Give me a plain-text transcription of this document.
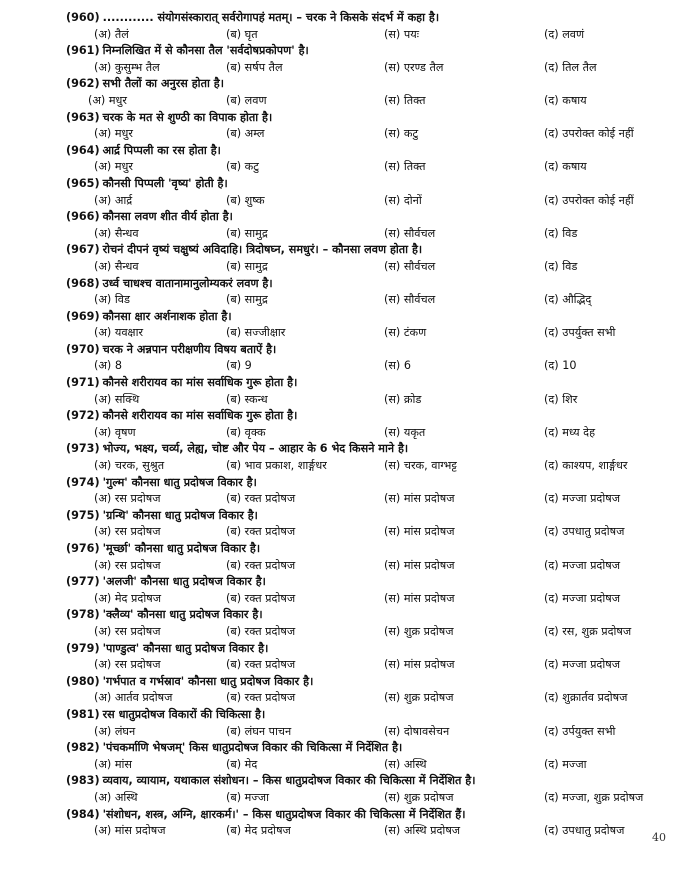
(960) ............ संयोगसंस्कारात् सर्वरोगापहं मतम्। – चरक ने किसके संदर्भ में कहा है।
(अ) तैलं	(ब) घृत	(स) पयः	(द) लवणं
(961) निम्नलिखित में से कौनसा तैल 'सर्वदोषप्रकोपण' है।
(अ) कुसुम्भ तैल	(ब) सर्षप तैल	(स) एरण्ड तैल	(द) तिल तैल
(962) सभी तैलों का अनुरस होता है।
(अ) मधुर	(ब) लवण	(स) तिक्त	(द) कषाय
(963) चरक के मत से शुण्ठी का विपाक होता है।
(अ) मधुर	(ब) अम्ल	(स) कटु	(द) उपरोक्त कोई नहीं
(964) आर्द्र पिप्पली का रस होता है।
(अ) मधुर	(ब) कटु	(स) तिक्त	(द) कषाय
(965) कौनसी पिप्पली 'वृष्य' होती है।
(अ) आर्द्र	(ब) शुष्क	(स) दोनों	(द) उपरोक्त कोई नहीं
(966) कौनसा लवण शीत वीर्य होता है।
(अ) सैन्धव	(ब) सामुद्र	(स) सौर्वचल	(द) विड
(967) रोचनं दीपनं वृष्यं चक्षुष्यं अविदाहि। त्रिदोषघ्न, समधुरं। – कौनसा लवण होता है।
(अ) सैन्धव	(ब) सामुद्र	(स) सौर्वचल	(द) विड
(968) उर्ध्व चाधश्च वातानामानुलोम्यकरं लवण है।
(अ) विड	(ब) सामुद्र	(स) सौर्वचल	(द) औद्भिद्
(969) कौनसा क्षार अर्शनाशक होता है।
(अ) यवक्षार	(ब) सज्जीक्षार	(स) टंकण	(द) उपर्युक्त सभी
(970) चरक ने अन्नपान परीक्षणीय विषय बताऐं है।
(अ) 8	(ब) 9	(स) 6	(द) 10
(971) कौनसे शरीरायव का मांस सर्वाधिक गुरू होता है।
(अ) सक्थि	(ब) स्कन्ध	(स) क्रोड	(द) शिर
(972) कौनसे शरीरायव का मांस सर्वाधिक गुरू होता है।
(अ) वृषण	(ब) वृक्क	(स) यकृत	(द) मध्य देह
(973) भोज्य, भक्ष्य, चर्व्य, लेह्य, चोष्ट और पेय – आहार के 6 भेद किसने माने है।
(अ) चरक, सुश्रुत	(ब) भाव प्रकाश, शार्ङ्गधर	(स) चरक, वाग्भट्ट	(द) काश्यप, शार्ङ्गधर
(974) 'गुल्म' कौनसा धातु प्रदोषज विकार है।
(अ) रस प्रदोषज	(ब) रक्त प्रदोषज	(स) मांस प्रदोषज	(द) मज्जा प्रदोषज
(975) 'ग्रन्थि' कौनसा धातु प्रदोषज विकार है।
(अ) रस प्रदोषज	(ब) रक्त प्रदोषज	(स) मांस प्रदोषज	(द) उपधातु प्रदोषज
(976) 'मूर्च्छा' कौनसा धातु प्रदोषज विकार है।
(अ) रस प्रदोषज	(ब) रक्त प्रदोषज	(स) मांस प्रदोषज	(द) मज्जा प्रदोषज
(977) 'अलजी' कौनसा धातु प्रदोषज विकार है।
(अ) मेद प्रदोषज	(ब) रक्त प्रदोषज	(स) मांस प्रदोषज	(द) मज्जा प्रदोषज
(978) 'क्लैव्य' कौनसा धातु प्रदोषज विकार है।
(अ) रस प्रदोषज	(ब) रक्त प्रदोषज	(स) शुक्र प्रदोषज	(द) रस, शुक्र प्रदोषज
(979) 'पाण्डुत्व' कौनसा धातु प्रदोषज विकार है।
(अ) रस प्रदोषज	(ब) रक्त प्रदोषज	(स) मांस प्रदोषज	(द) मज्जा प्रदोषज
(980) 'गर्भपात व गर्भस्राव' कौनसा धातु प्रदोषज विकार है।
(अ) आर्तव प्रदोषज	(ब) रक्त प्रदोषज	(स) शुक्र प्रदोषज	(द) शुक्रार्तव प्रदोषज
(981) रस धातुप्रदोषज विकारों की चिकित्सा है।
(अ) लंघन	(ब) लंघन पाचन	(स) दोषावसेचन	(द) उर्पयुक्त सभी
(982) 'पंचकर्माणि भेषजम्' किस धातुप्रदोषज विकार की चिकित्सा में निर्देशित है।
(अ) मांस	(ब) मेद	(स) अस्थि	(द) मज्जा
(983) व्यवाय, व्यायाम, यथाकाल संशोधन। – किस धातुप्रदोषज विकार की चिकित्सा में निर्देशित है।
(अ) अस्थि	(ब) मज्जा	(स) शुक्र प्रदोषज	(द) मज्जा, शुक्र प्रदोषज
(984) 'संशोधन, शस्त्र, अग्नि, क्षारकर्म।' – किस धातुप्रदोषज विकार की चिकित्सा में निर्देशित हैं।
(अ) मांस प्रदोषज	(ब) मेद प्रदोषज	(स) अस्थि प्रदोषज	(द) उपधातु प्रदोषज
40
